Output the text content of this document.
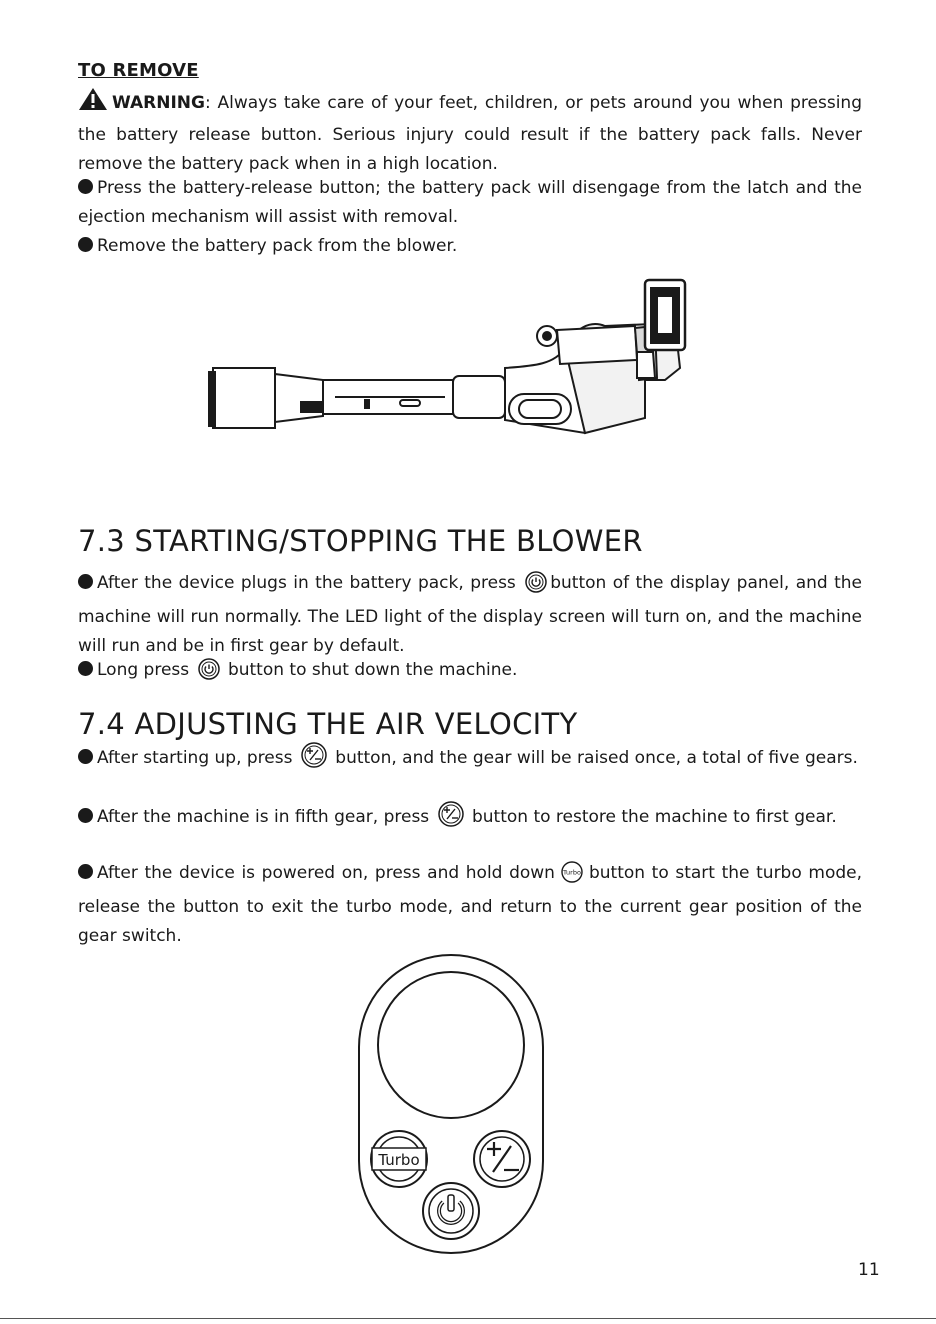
TO REMOVE

WARNING: Always take care of your feet, children, or pets around you when pressing the battery release button. Serious injury could result if the battery pack falls. Never remove the battery pack when in a high location.

Press the battery-release button; the battery pack will disengage from the latch and the ejection mechanism will assist with removal.

Remove the battery pack from the blower.

7.3 STARTING/STOPPING THE BLOWER

After the device plugs in the battery pack, press button of the display panel, and the machine will run normally. The LED light of the display screen will turn on, and the machine will run and be in first gear by default.

Long press button to shut down the machine.

7.4 ADJUSTING THE AIR VELOCITY

After starting up, press	button, and the gear will be raised once, a total of five gears.

After the machine is in fifth gear, press	button to restore the machine to first gear.

After the device is powered on, press and hold down Turbo button to start the turbo mode, release the button to exit the turbo mode, and return to the current gear position of the gear switch.

Turbo
11
